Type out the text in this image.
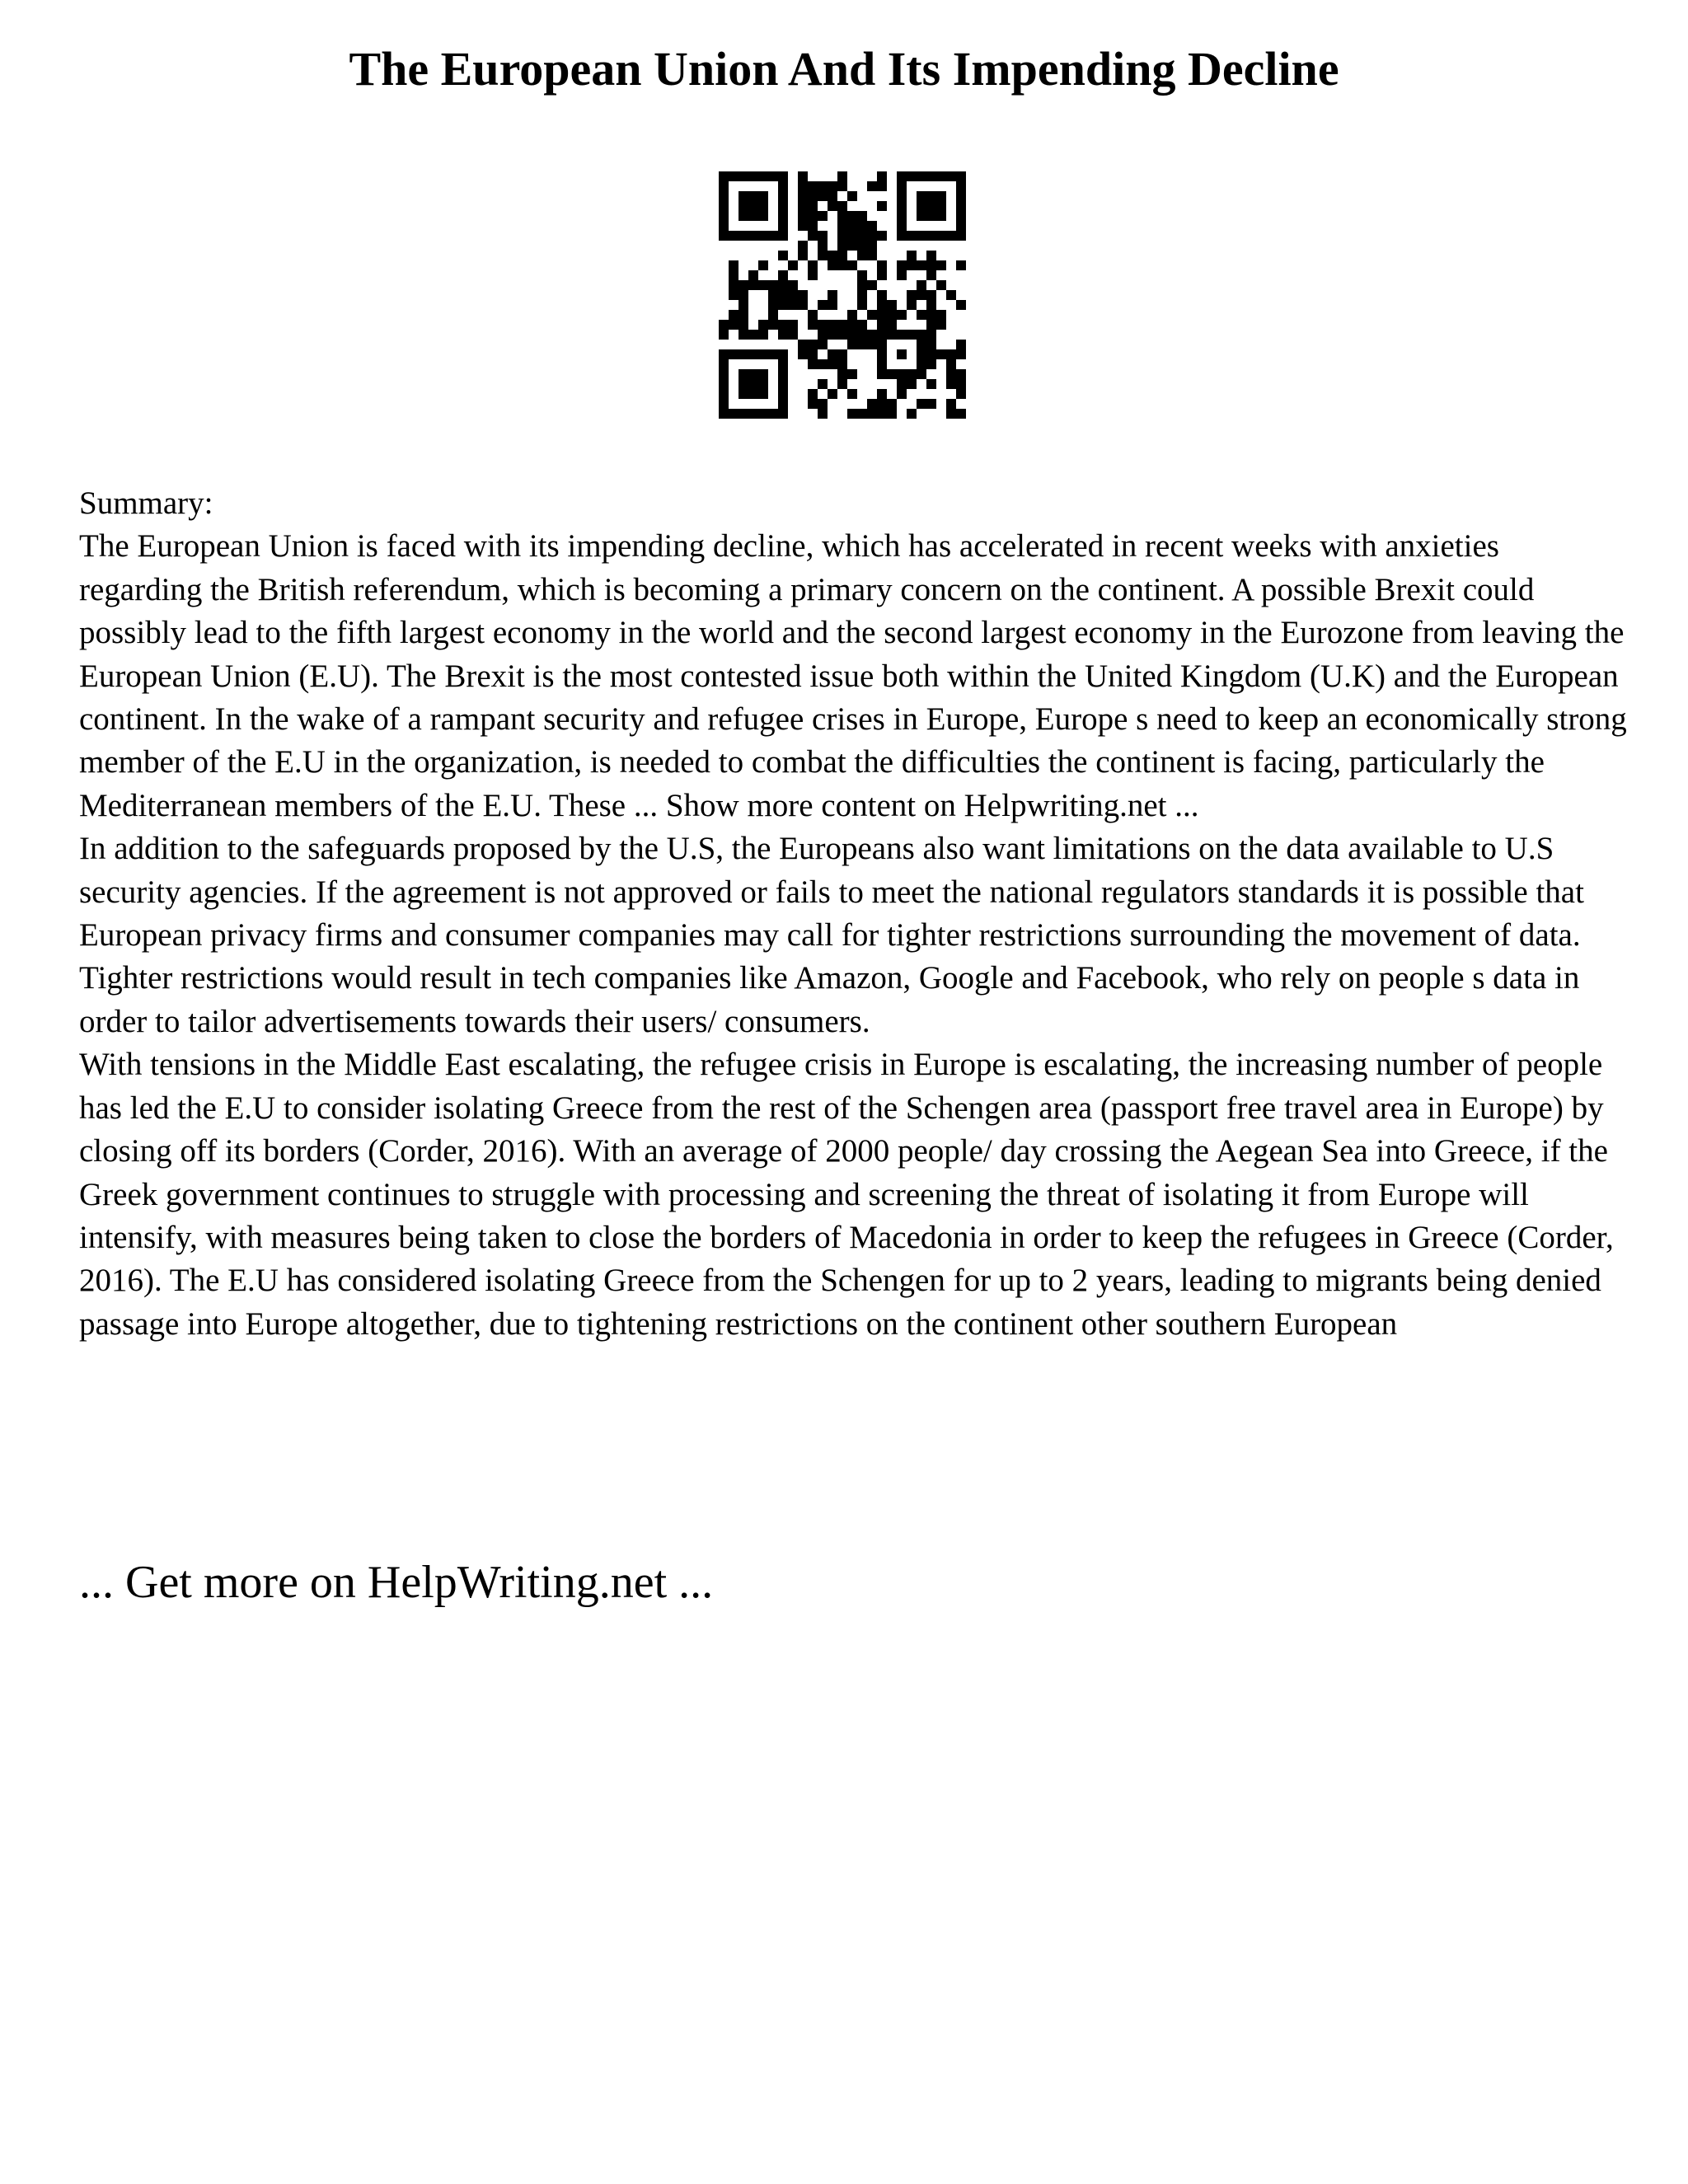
The European Union And Its Impending Decline

Summary:

The European Union is faced with its impending decline, which has accelerated in recent weeks with anxieties regarding the British referendum, which is becoming a primary concern on the continent. A possible Brexit could possibly lead to the fifth largest economy in the world and the second largest economy in the Eurozone from leaving the European Union (E.U). The Brexit is the most contested issue both within the United Kingdom (U.K) and the European continent. In the wake of a rampant security and refugee crises in Europe, Europe s need to keep an economically strong member of the E.U in the organization, is needed to combat the difficulties the continent is facing, particularly the Mediterranean members of the E.U. These ... Show more content on Helpwriting.net ...

In addition to the safeguards proposed by the U.S, the Europeans also want limitations on the data available to U.S security agencies. If the agreement is not approved or fails to meet the national regulators standards it is possible that European privacy firms and consumer companies may call for tighter restrictions surrounding the movement of data. Tighter restrictions would result in tech companies like Amazon, Google and Facebook, who rely on people s data in order to tailor advertisements towards their users/ consumers.

With tensions in the Middle East escalating, the refugee crisis in Europe is escalating, the increasing number of people has led the E.U to consider isolating Greece from the rest of the Schengen area (passport free travel area in Europe) by closing off its borders (Corder, 2016). With an average of 2000 people/ day crossing the Aegean Sea into Greece, if the Greek government continues to struggle with processing and screening the threat of isolating it from Europe will intensify, with measures being taken to close the borders of Macedonia in order to keep the refugees in Greece (Corder, 2016). The E.U has considered isolating Greece from the Schengen for up to 2 years, leading to migrants being denied passage into Europe altogether, due to tightening restrictions on the continent other southern European

... Get more on HelpWriting.net ...
